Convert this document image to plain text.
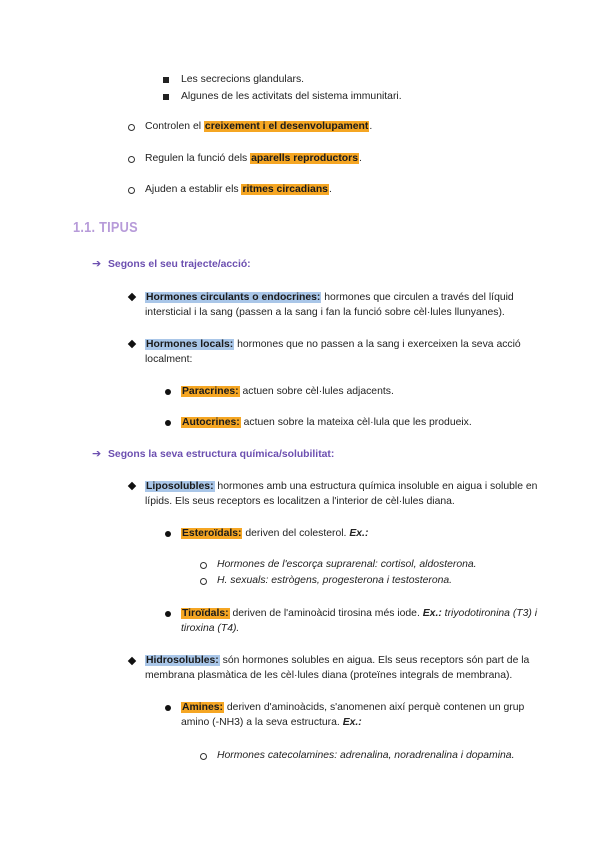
Les secrecions glandulars.
Algunes de les activitats del sistema immunitari.
Controlen el creixement i el desenvolupament.
Regulen la funció dels aparells reproductors.
Ajuden a establir els ritmes circadians.
1.1. TIPUS
➔ Segons el seu trajecte/acció:
Hormones circulants o endocrines: hormones que circulen a través del líquid
intersticial i la sang (passen a la sang i fan la funció sobre cèl·lules llunyanes).
Hormones locals: hormones que no passen a la sang i exerceixen la seva acció
localment:
Paracrines: actuen sobre cèl·lules adjacents.
Autocrines: actuen sobre la mateixa cèl·lula que les produeix.
➔ Segons la seva estructura química/solubilitat:
Liposolubles: hormones amb una estructura química insoluble en aigua i soluble en
lípids. Els seus receptors es localitzen a l'interior de cèl·lules diana.
Esteroïdals: deriven del colesterol. Ex.:
Hormones de l'escorça suprarenal: cortisol, aldosterona.
H. sexuals: estrògens, progesterona i testosterona.
Tiroïdals: deriven de l'aminoàcid tirosina més iode. Ex.: triyodotironina (T3) i
tiroxina (T4).
Hidrosolubles: són hormones solubles en aigua. Els seus receptors són part de la
membrana plasmàtica de les cèl·lules diana (proteïnes integrals de membrana).
Amines: deriven d'aminoàcids, s'anomenen així perquè contenen un grup
amino (-NH3) a la seva estructura. Ex.:
Hormones catecolamines: adrenalina, noradrenalina i dopamina.
